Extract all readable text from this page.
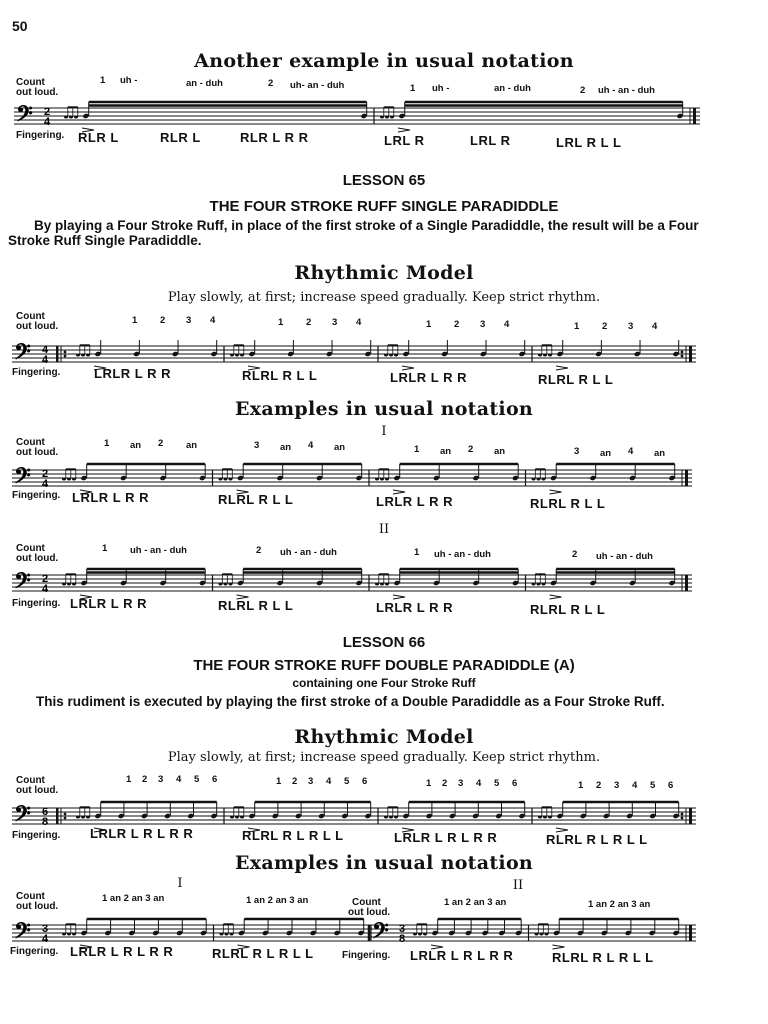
50
Another example in usual notation
LESSON 65
THE FOUR STROKE RUFF SINGLE PARADIDDLE
By playing a Four Stroke Ruff, in place of the first stroke of a Single Paradiddle, the result will be a Four Stroke Ruff Single Paradiddle.
Rhythmic Model
Play slowly, at first; increase speed gradually. Keep strict rhythm.
Examples in usual notation
I
II
LESSON 66
THE FOUR STROKE RUFF DOUBLE PARADIDDLE (A)
containing one Four Stroke Ruff
This rudiment is executed by playing the first stroke of a Double Paradiddle as a Four Stroke Ruff.
Rhythmic Model
Play slowly, at first; increase speed gradually. Keep strict rhythm.
Examples in usual notation
I	II
Count
out loud.
Fingering.
1 uh -	an - duh	2 uh- an - duh	1 uh -	an - duh	2 uh - an - duh
RLR L	RLR L	RLR L R R	LRL R	LRL R	LRL R L L
𝄢 2
4
Count
out loud.
Fingering.
1 2 3 4	1 2 3 4	1 2 3 4	1 2 3 4
LRLR L R R	RLRL R L L	LRLR L R R	RLRL R L L
𝄢 4
4
Count
out loud.
Fingering.
1 an 2 an	3 an 4 an	1 an 2 an	3 an 4 an
LRLR L R R	RLRL R L L	LRLR L R R	RLRL R L L
𝄢 2
4
Count
out loud.
Fingering.
1 uh - an - duh	2 uh - an - duh	1 uh - an - duh	2 uh - an - duh
LRLR L R R	RLRL R L L	LRLR L R R	RLRL R L L
𝄢 2
4
Count
out loud.
Fingering.
1 2 3 4 5 6	1 2 3 4 5 6	1 2 3 4 5 6	1 2 3 4 5 6
LRLR L R L R R	RLRL R L R L L	LRLR L R L R R	RLRL R L R L L
𝄢 6
8
Count
out loud.	Count
out loud.
Fingering.	Fingering.
1 an 2 an 3 an	1 an 2 an 3 an	1 an 2 an 3 an	1 an 2 an 3 an
LRLR L R L R R	RLRL R L R L L	LRLR L R L R R	RLRL R L R L L
𝄢 3
4	𝄢 3
8
